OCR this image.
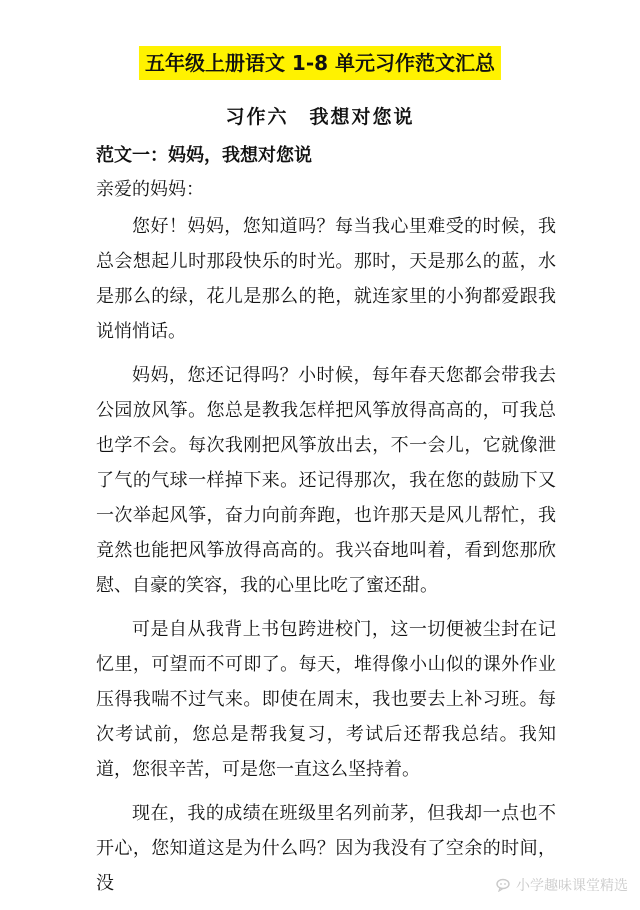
五年级上册语文 1-8 单元习作范文汇总
习作六　我想对您说
范文一：妈妈，我想对您说

亲爱的妈妈：

您好！妈妈，您知道吗？每当我心里难受的时候，我总会想起儿时那段快乐的时光。那时，天是那么的蓝，水是那么的绿，花儿是那么的艳，就连家里的小狗都爱跟我说悄悄话。

妈妈，您还记得吗？小时候，每年春天您都会带我去公园放风筝。您总是教我怎样把风筝放得高高的，可我总也学不会。每次我刚把风筝放出去，不一会儿，它就像泄了气的气球一样掉下来。还记得那次，我在您的鼓励下又一次举起风筝，奋力向前奔跑，也许那天是风儿帮忙，我竟然也能把风筝放得高高的。我兴奋地叫着，看到您那欣慰、自豪的笑容，我的心里比吃了蜜还甜。

可是自从我背上书包跨进校门，这一切便被尘封在记忆里，可望而不可即了。每天，堆得像小山似的课外作业压得我喘不过气来。即使在周末，我也要去上补习班。每次考试前，您总是帮我复习，考试后还帮我总结。我知道，您很辛苦，可是您一直这么坚持着。

现在，我的成绩在班级里名列前茅，但我却一点也不开心，您知道这是为什么吗？因为我没有了空余的时间，没	小学趣味课堂精选
